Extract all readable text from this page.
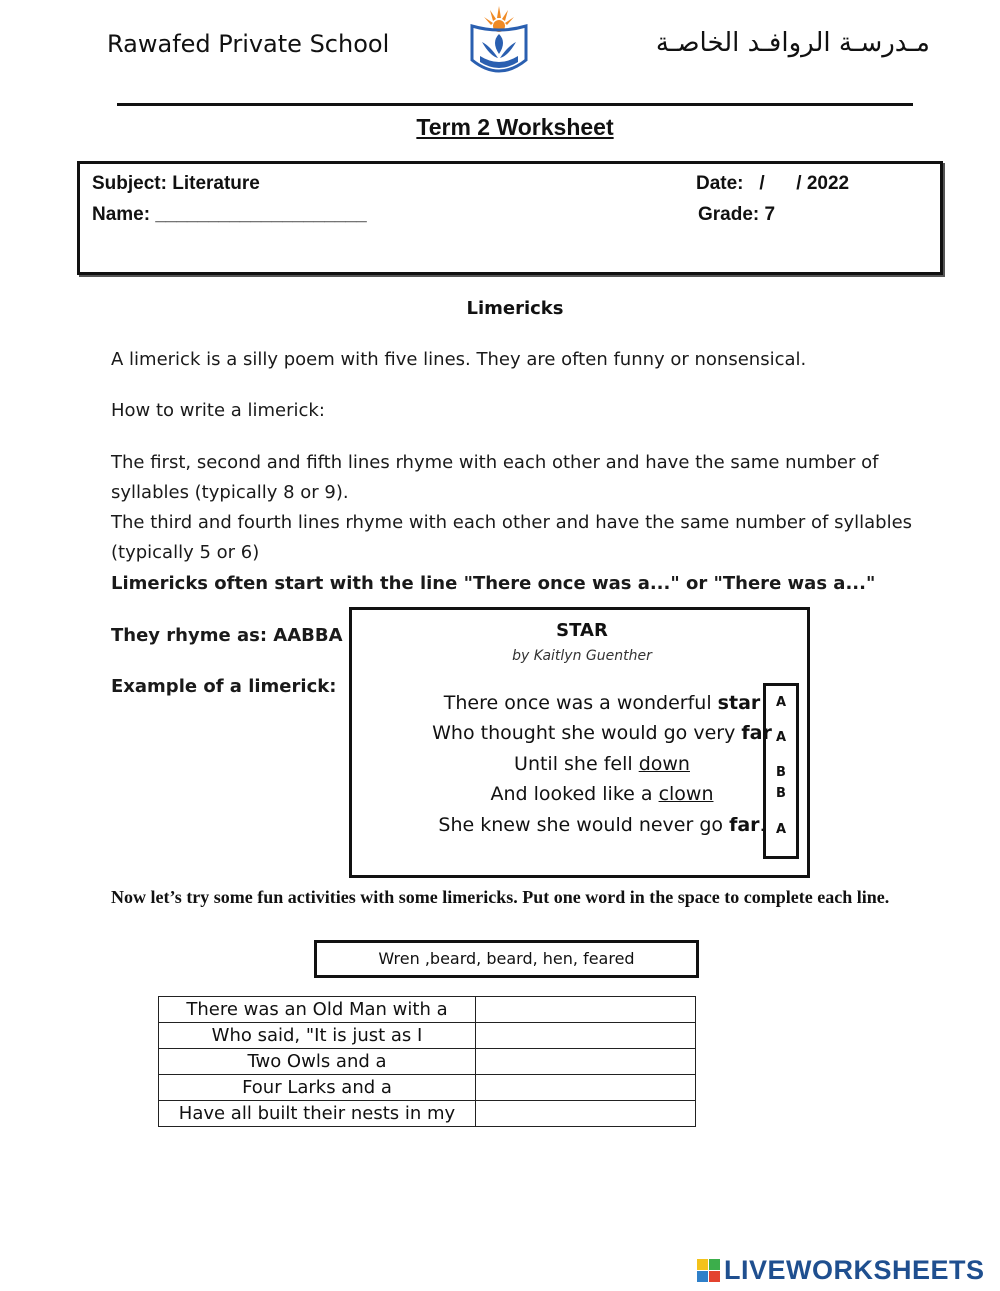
Rawafed Private School	مـدرسـة الروافـد الخاصـة
Term 2 Worksheet
Subject: Literature	Date:   /      / 2022
Name: ____________________	Grade: 7
Limericks
A limerick is a silly poem with five lines. They are often funny or nonsensical.
How to write a limerick:
The first, second and fifth lines rhyme with each other and have the same number of
syllables (typically 8 or 9).
The third and fourth lines rhyme with each other and have the same number of syllables
(typically 5 or 6)
Limericks often start with the line "There once was a..." or "There was a..."
They rhyme as: AABBA
Example of a limerick:
STAR
by Kaitlyn Guenther
There once was a wonderful star
Who thought she would go very far
Until she fell down
And looked like a clown
She knew she would never go far.
A
A
B
B
A
Now let’s try some fun activities with some limericks. Put one word in the space to complete each line.
Wren ,beard, beard, hen, feared
There was an Old Man with a	
Who said, "It is just as I	
Two Owls and a	
Four Larks and a	
Have all built their nests in my	
LIVEWORKSHEETS
